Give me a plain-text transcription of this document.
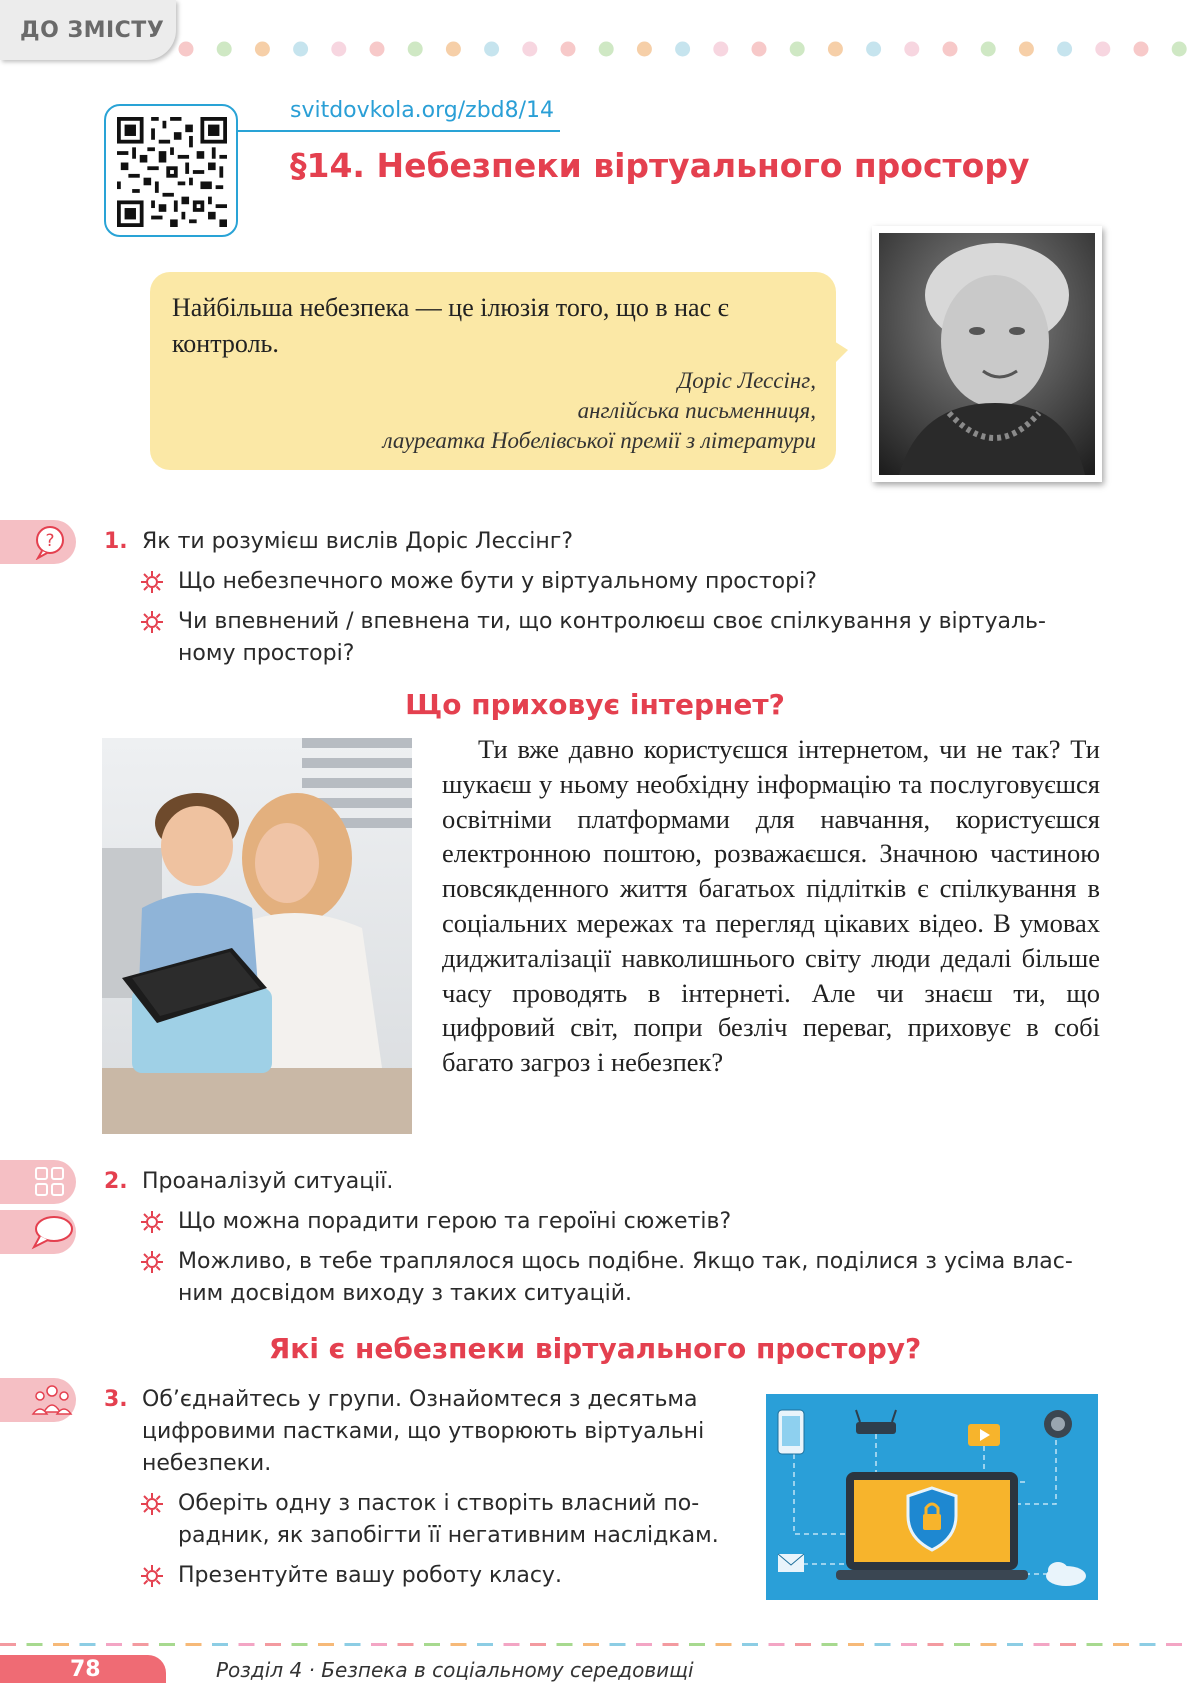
ДО ЗМІСТУ
svitdovkola.org/zbd8/14
§14. Небезпеки віртуального простору
Найбільша небезпека — це ілюзія того, що в нас є контроль.
Доріс Лессінг,
англійська письменниця,
лауреатка Нобелівської премії з літератури
? 1. Як ти розумієш вислів Доріс Лессінг?
Що небезпечного може бути у віртуальному просторі?
Чи впевнений / впевнена ти, що контролюєш своє спілкування у віртуаль-
ному просторі?
Що приховує інтернет?
Ти вже давно користуєшся інтернетом, чи не так? Ти шукаєш у ньому необхідну інформацію та послуговуєшся освітніми платформами для навчання, користуєшся електронною поштою, розважаєшся. Значною частиною повсякденного життя багатьох підлітків є спілкування в соціальних мережах та перегляд цікавих відео. В умовах диджиталізації навколишнього світу люди дедалі більше часу проводять в інтернеті. Але чи знаєш ти, що цифровий світ, попри безліч переваг, приховує в собі багато загроз і небезпек?
2. Проаналізуй ситуації.
Що можна порадити герою та героїні сюжетів?
Можливо, в тебе траплялося щось подібне. Якщо так, поділися з усіма влас-
ним досвідом виходу з таких ситуацій.
Які є небезпеки віртуального простору?
3. Об’єднайтесь у групи. Ознайомтеся з десятьма цифровими пастками, що утворюють віртуальні небезпеки.
Оберіть одну з пасток і створіть власний по-
радник, як запобігти її негативним наслідкам.
Презентуйте вашу роботу класу.
78	Розділ 4 · Безпека в соціальному середовищі
